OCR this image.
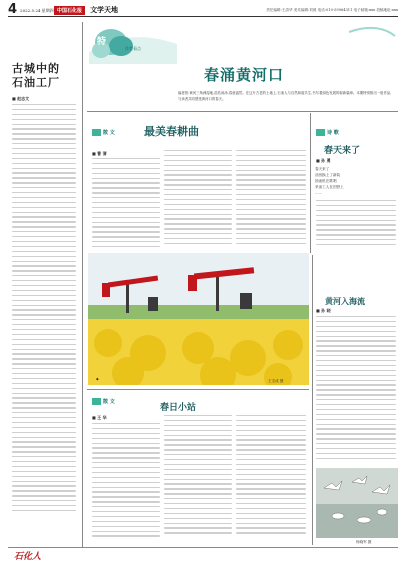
4 2022.5.24 星期四 中国石化报	文学天地	责任编辑:王清华 美术编辑:刘晨 电话:010-59964311 电子邮箱:xxx 投稿地址:xxx
古城中的
石油工厂
■ 赵志文
特
作者看点
春涌黄河口
编者按:黄河三角洲湿地,浩浩汤汤,春意盎然。在这片古老的土地上,石油人与自然和谐共生,书写着绿色发展的崭新篇章。本期特别推出一组作品,与读者共同感受黄河口的春天。
散 文	最美春耕曲
■ 曹 清
诗 歌
春天来了
■ 孙 勇
春天来了
油田换上了新装
抽油机在歌唱
采油工人在田野上
……
◆	王宝成 摄
黄河入海流
■ 孙 晓
散 文
春日小站
■ 王 华
杨晓军 摄
石化人
